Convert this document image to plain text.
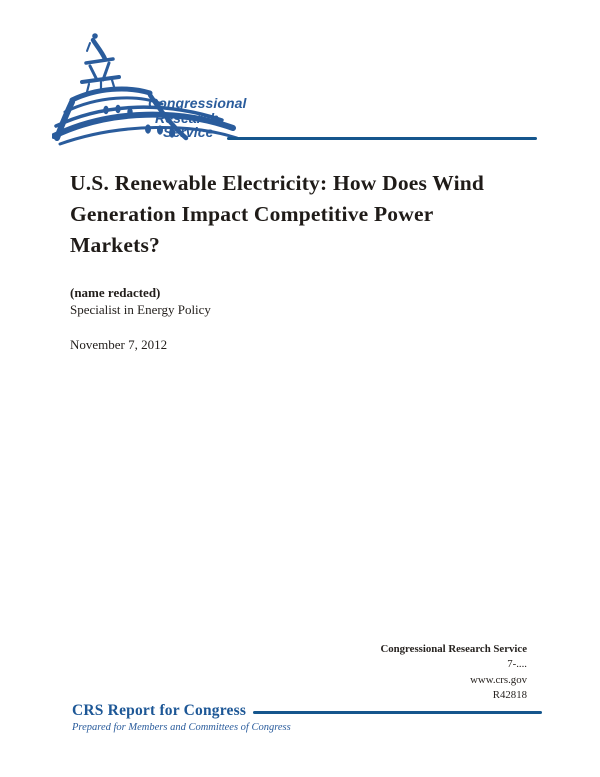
Congressional
Research
Service
U.S. Renewable Electricity: How Does Wind
Generation Impact Competitive Power
Markets?
(name redacted)
Specialist in Energy Policy
November 7, 2012
Congressional Research Service
7-....
www.crs.gov
R42818
CRS Report for Congress
Prepared for Members and Committees of Congress
